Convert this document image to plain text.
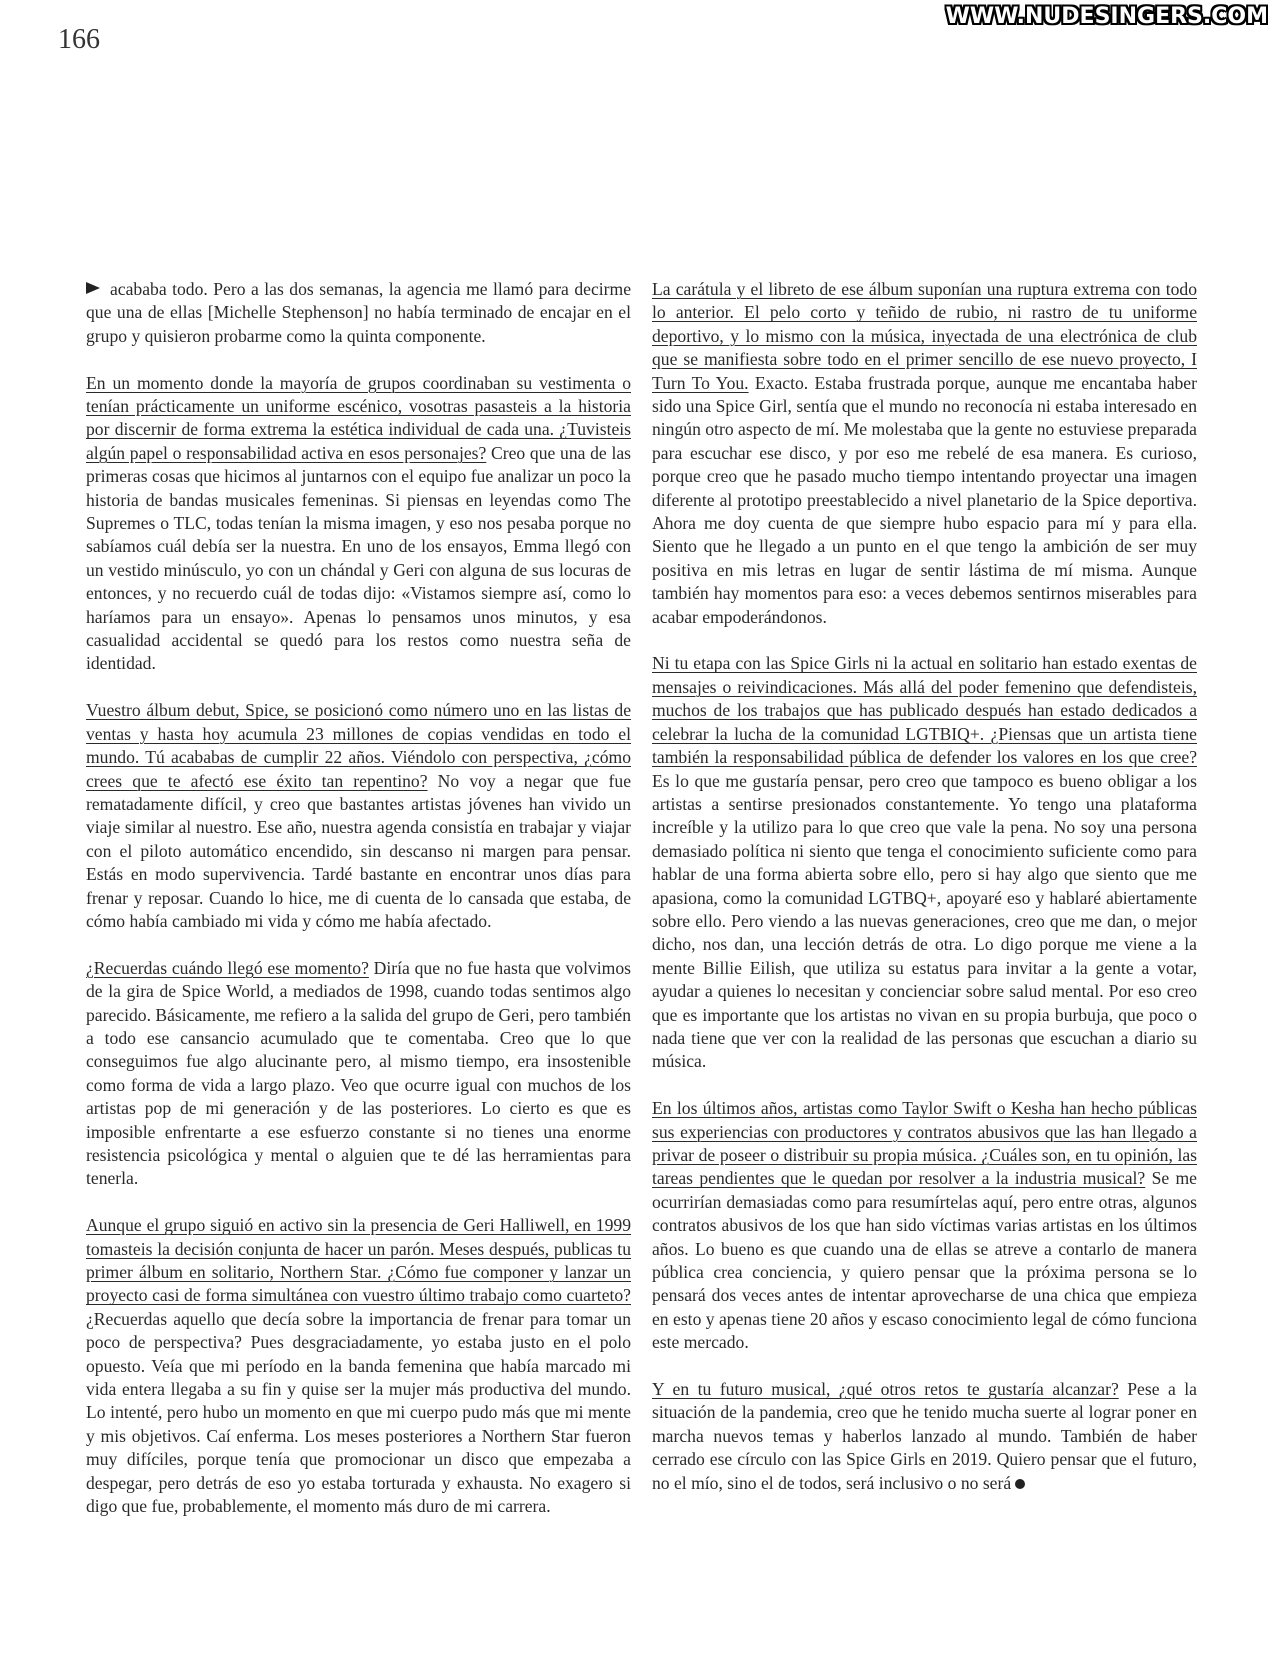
166
WWW.NUDESINGERS.COM

acababa todo. Pero a las dos semanas, la agencia me llamó para decirme que una de ellas [Michelle Stephenson] no había terminado de encajar en el grupo y quisieron probarme como la quinta componente.

En un momento donde la mayoría de grupos coordinaban su vestimenta o tenían prácticamente un uniforme escénico, vosotras pasasteis a la historia por discernir de forma extrema la estética individual de cada una. ¿Tuvisteis algún papel o responsabilidad activa en esos personajes? Creo que una de las primeras cosas que hicimos al juntarnos con el equipo fue analizar un poco la historia de bandas musicales femeninas. Si piensas en leyendas como The Supremes o TLC, todas tenían la misma imagen, y eso nos pesaba porque no sabíamos cuál debía ser la nuestra. En uno de los ensayos, Emma llegó con un vestido minúsculo, yo con un chándal y Geri con alguna de sus locuras de entonces, y no recuerdo cuál de todas dijo: «Vistamos siempre así, como lo haríamos para un ensayo». Apenas lo pensamos unos minutos, y esa casualidad accidental se quedó para los restos como nuestra seña de identidad.

Vuestro álbum debut, Spice, se posicionó como número uno en las listas de ventas y hasta hoy acumula 23 millones de copias vendidas en todo el mundo. Tú acababas de cumplir 22 años. Viéndolo con perspectiva, ¿cómo crees que te afectó ese éxito tan repentino? No voy a negar que fue rematadamente difícil, y creo que bastantes artistas jóvenes han vivido un viaje similar al nuestro. Ese año, nuestra agenda consistía en trabajar y viajar con el piloto automático encendido, sin descanso ni margen para pensar. Estás en modo supervivencia. Tardé bastante en encontrar unos días para frenar y reposar. Cuando lo hice, me di cuenta de lo cansada que estaba, de cómo había cambiado mi vida y cómo me había afectado.

¿Recuerdas cuándo llegó ese momento? Diría que no fue hasta que volvimos de la gira de Spice World, a mediados de 1998, cuando todas sentimos algo parecido. Básicamente, me refiero a la salida del grupo de Geri, pero también a todo ese cansancio acumulado que te comentaba. Creo que lo que conseguimos fue algo alucinante pero, al mismo tiempo, era insostenible como forma de vida a largo plazo. Veo que ocurre igual con muchos de los artistas pop de mi generación y de las posteriores. Lo cierto es que es imposible enfrentarte a ese esfuerzo constante si no tienes una enorme resistencia psicológica y mental o alguien que te dé las herramientas para tenerla.

Aunque el grupo siguió en activo sin la presencia de Geri Halliwell, en 1999 tomasteis la decisión conjunta de hacer un parón. Meses después, publicas tu primer álbum en solitario, Northern Star. ¿Cómo fue componer y lanzar un proyecto casi de forma simultánea con vuestro último trabajo como cuarteto? ¿Recuerdas aquello que decía sobre la importancia de frenar para tomar un poco de perspectiva? Pues desgraciadamente, yo estaba justo en el polo opuesto. Veía que mi período en la banda femenina que había marcado mi vida entera llegaba a su fin y quise ser la mujer más productiva del mundo. Lo intenté, pero hubo un momento en que mi cuerpo pudo más que mi mente y mis objetivos. Caí enferma. Los meses posteriores a Northern Star fueron muy difíciles, porque tenía que promocionar un disco que empezaba a despegar, pero detrás de eso yo estaba torturada y exhausta. No exagero si digo que fue, probablemente, el momento más duro de mi carrera.

La carátula y el libreto de ese álbum suponían una ruptura extrema con todo lo anterior. El pelo corto y teñido de rubio, ni rastro de tu uniforme deportivo, y lo mismo con la música, inyectada de una electrónica de club que se manifiesta sobre todo en el primer sencillo de ese nuevo proyecto, I Turn To You. Exacto. Estaba frustrada porque, aunque me encantaba haber sido una Spice Girl, sentía que el mundo no reconocía ni estaba interesado en ningún otro aspecto de mí. Me molestaba que la gente no estuviese preparada para escuchar ese disco, y por eso me rebelé de esa manera. Es curioso, porque creo que he pasado mucho tiempo intentando proyectar una imagen diferente al prototipo preestablecido a nivel planetario de la Spice deportiva. Ahora me doy cuenta de que siempre hubo espacio para mí y para ella. Siento que he llegado a un punto en el que tengo la ambición de ser muy positiva en mis letras en lugar de sentir lástima de mí misma. Aunque también hay momentos para eso: a veces debemos sentirnos miserables para acabar empoderándonos.

Ni tu etapa con las Spice Girls ni la actual en solitario han estado exentas de mensajes o reivindicaciones. Más allá del poder femenino que defendisteis, muchos de los trabajos que has publicado después han estado dedicados a celebrar la lucha de la comunidad LGTBIQ+. ¿Piensas que un artista tiene también la responsabilidad pública de defender los valores en los que cree? Es lo que me gustaría pensar, pero creo que tampoco es bueno obligar a los artistas a sentirse presionados constantemente. Yo tengo una plataforma increíble y la utilizo para lo que creo que vale la pena. No soy una persona demasiado política ni siento que tenga el conocimiento suficiente como para hablar de una forma abierta sobre ello, pero si hay algo que siento que me apasiona, como la comunidad LGTBQ+, apoyaré eso y hablaré abiertamente sobre ello. Pero viendo a las nuevas generaciones, creo que me dan, o mejor dicho, nos dan, una lección detrás de otra. Lo digo porque me viene a la mente Billie Eilish, que utiliza su estatus para invitar a la gente a votar, ayudar a quienes lo necesitan y concienciar sobre salud mental. Por eso creo que es importante que los artistas no vivan en su propia burbuja, que poco o nada tiene que ver con la realidad de las personas que escuchan a diario su música.

En los últimos años, artistas como Taylor Swift o Kesha han hecho públicas sus experiencias con productores y contratos abusivos que las han llegado a privar de poseer o distribuir su propia música. ¿Cuáles son, en tu opinión, las tareas pendientes que le quedan por resolver a la industria musical? Se me ocurrirían demasiadas como para resumírtelas aquí, pero entre otras, algunos contratos abusivos de los que han sido víctimas varias artistas en los últimos años. Lo bueno es que cuando una de ellas se atreve a contarlo de manera pública crea conciencia, y quiero pensar que la próxima persona se lo pensará dos veces antes de intentar aprovecharse de una chica que empieza en esto y apenas tiene 20 años y escaso conocimiento legal de cómo funciona este mercado.

Y en tu futuro musical, ¿qué otros retos te gustaría alcanzar? Pese a la situación de la pandemia, creo que he tenido mucha suerte al lograr poner en marcha nuevos temas y haberlos lanzado al mundo. También de haber cerrado ese círculo con las Spice Girls en 2019. Quiero pensar que el futuro, no el mío, sino el de todos, será inclusivo o no será
